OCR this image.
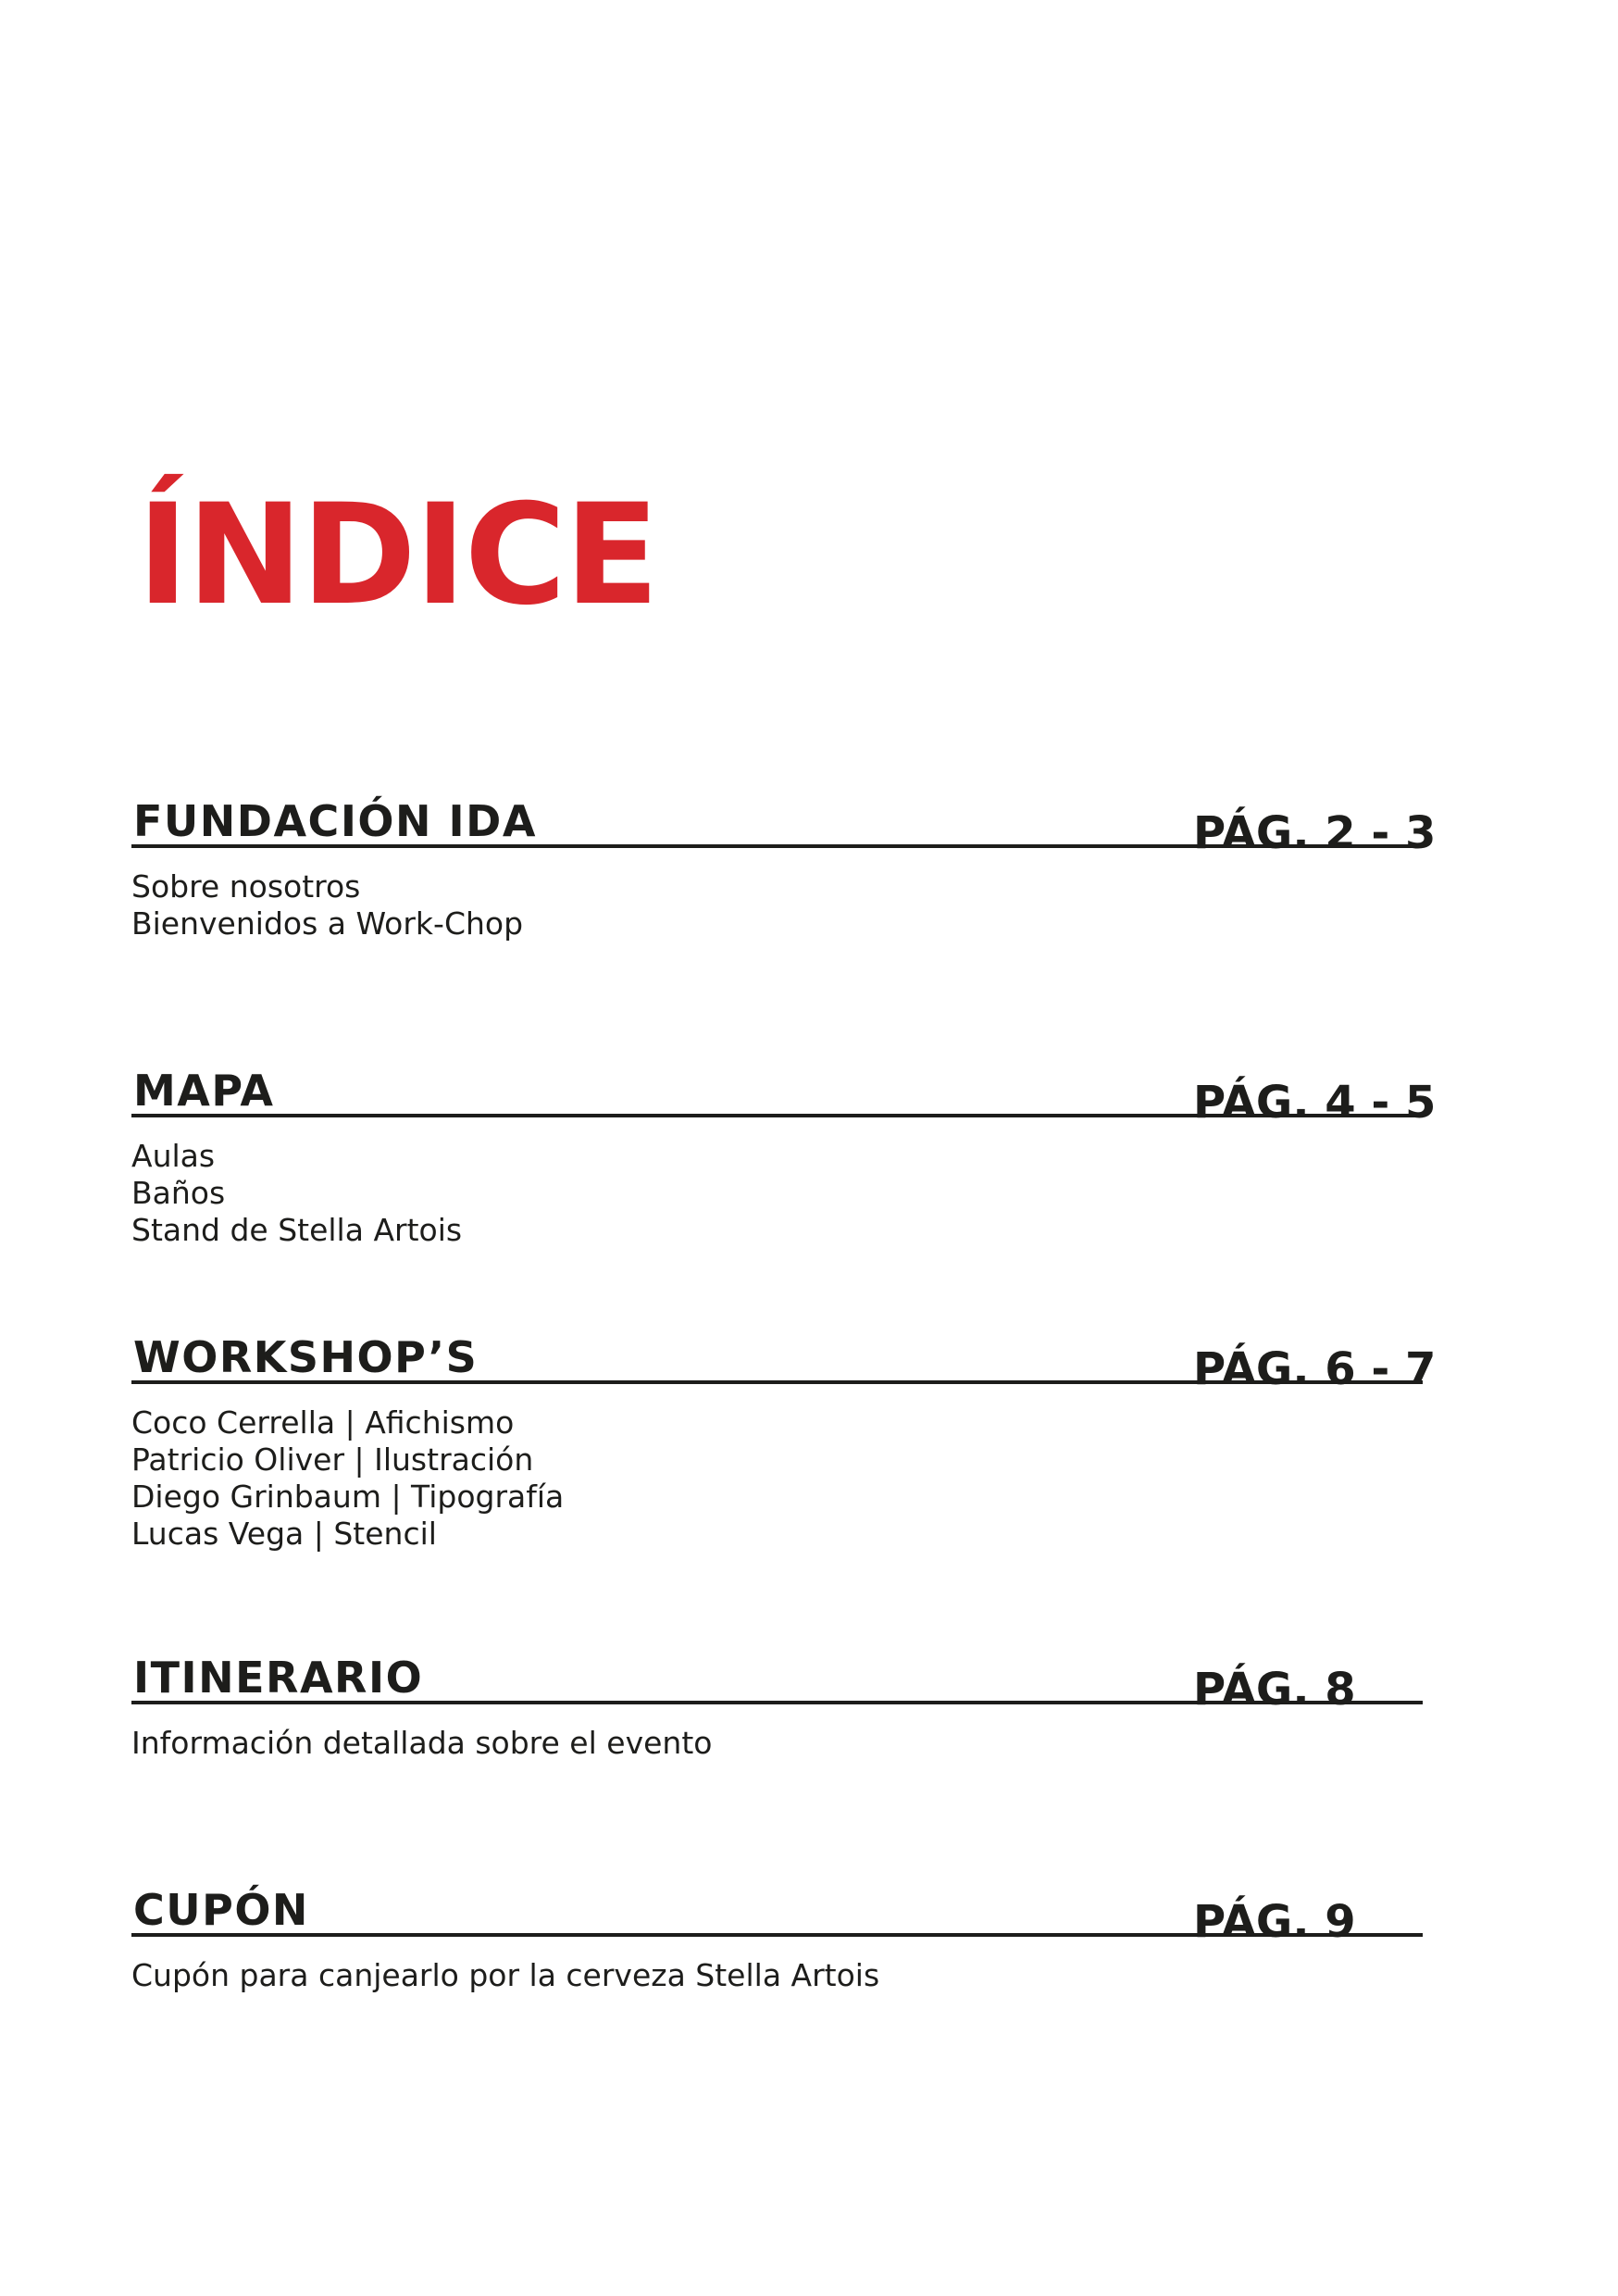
ÍNDICE
FUNDACIÓN IDA	PÁG. 2 - 3
Sobre nosotros
Bienvenidos a Work-Chop
MAPA	PÁG. 4 - 5
Aulas
Baños
Stand de Stella Artois
WORKSHOP’S	PÁG. 6 - 7
Coco Cerrella | Afichismo
Patricio Oliver | Ilustración
Diego Grinbaum | Tipografía
Lucas Vega | Stencil
ITINERARIO	PÁG. 8
Información detallada sobre el evento
CUPÓN	PÁG. 9
Cupón para canjearlo por la cerveza Stella Artois
